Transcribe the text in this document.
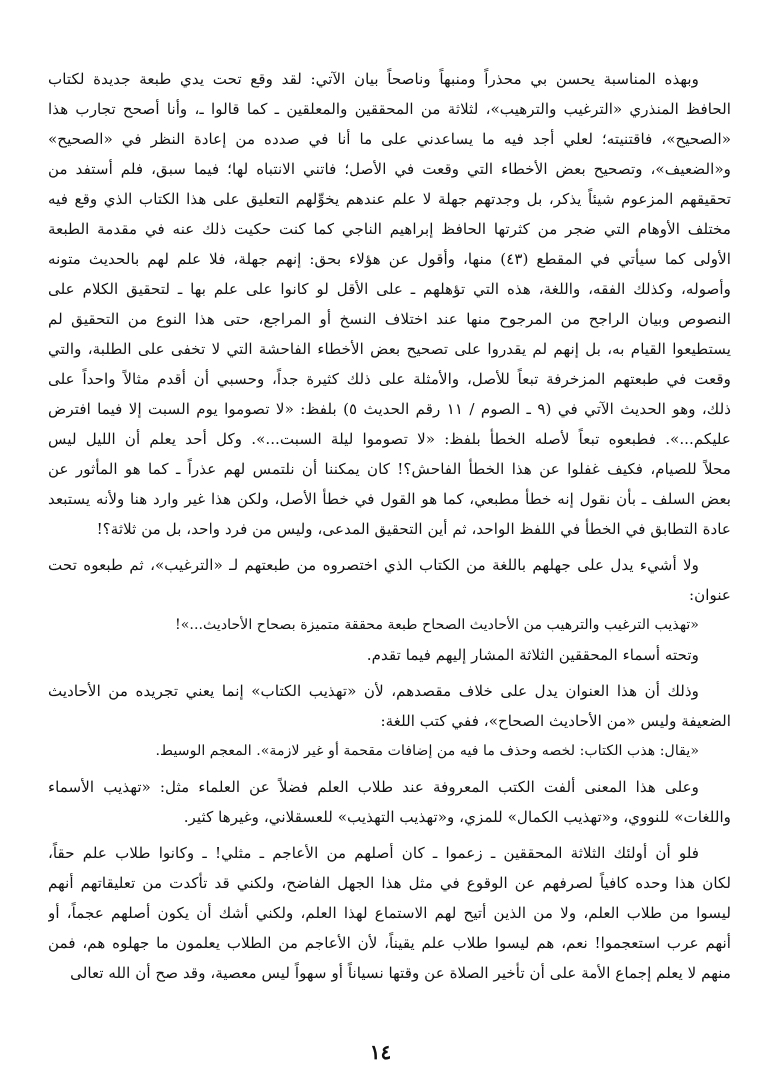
وبهذه المناسبة يحسن بي محذراً ومنبهاً وناصحاً بيان الآتي: لقد وقع تحت يدي طبعة جديدة لكتاب
الحافظ المنذري «الترغيب والترهيب»، لثلاثة من المحققين والمعلقين ـ كما قالوا ـ، وأنا أصحح تجارب هذا
«الصحيح»، فاقتنيته؛ لعلي أجد فيه ما يساعدني على ما أنا في صدده من إعادة النظر في «الصحيح»
و«الضعيف»، وتصحيح بعض الأخطاء التي وقعت في الأصل؛ فاتني الانتباه لها؛ فيما سبق، فلم أستفد من
تحقيقهم المزعوم شيئاً يذكر، بل وجدتهم جهلة لا علم عندهم يخوِّلهم التعليق على هذا الكتاب الذي وقع فيه
مختلف الأوهام التي ضجر من كثرتها الحافظ إبراهيم الناجي كما كنت حكيت ذلك عنه في مقدمة الطبعة
الأولى كما سيأتي في المقطع (٤٣) منها، وأقول عن هؤلاء بحق: إنهم جهلة، فلا علم لهم بالحديث متونه
وأصوله، وكذلك الفقه، واللغة، هذه التي تؤهلهم ـ على الأقل لو كانوا على علم بها ـ لتحقيق الكلام على
النصوص وبيان الراجح من المرجوح منها عند اختلاف النسخ أو المراجع، حتى هذا النوع من التحقيق لم
يستطيعوا القيام به، بل إنهم لم يقدروا على تصحيح بعض الأخطاء الفاحشة التي لا تخفى على الطلبة، والتي
وقعت في طبعتهم المزخرفة تبعاً للأصل، والأمثلة على ذلك كثيرة جداً، وحسبي أن أقدم مثالاً واحداً على
ذلك، وهو الحديث الآتي في (٩ ـ الصوم / ١١ رقم الحديث ٥) بلفظ: «لا تصوموا يوم السبت إلا فيما افترض
عليكم...». فطبعوه تبعاً لأصله الخطأ بلفظ: «لا تصوموا ليلة السبت...». وكل أحد يعلم أن الليل ليس
محلاً للصيام، فكيف غفلوا عن هذا الخطأ الفاحش؟! كان يمكننا أن نلتمس لهم عذراً ـ كما هو المأثور عن
بعض السلف ـ بأن نقول إنه خطأ مطبعي، كما هو القول في خطأ الأصل، ولكن هذا غير وارد هنا ولأنه يستبعد
عادة التطابق في الخطأ في اللفظ الواحد، ثم أين التحقيق المدعى، وليس من فرد واحد، بل من ثلاثة؟!
ولا أشيء يدل على جهلهم باللغة من الكتاب الذي اختصروه من طبعتهم لـ «الترغيب»، ثم طبعوه تحت
عنوان:
«تهذيب الترغيب والترهيب من الأحاديث الصحاح طبعة محققة متميزة بصحاح الأحاديث...»!
وتحته أسماء المحققين الثلاثة المشار إليهم فيما تقدم.
وذلك أن هذا العنوان يدل على خلاف مقصدهم، لأن «تهذيب الكتاب» إنما يعني تجريده من الأحاديث
الضعيفة وليس «من الأحاديث الصحاح»، ففي كتب اللغة:
«يقال: هذب الكتاب: لخصه وحذف ما فيه من إضافات مقحمة أو غير لازمة». المعجم الوسيط.
وعلى هذا المعنى ألفت الكتب المعروفة عند طلاب العلم فضلاً عن العلماء مثل: «تهذيب الأسماء
واللغات» للنووي، و«تهذيب الكمال» للمزي، و«تهذيب التهذيب» للعسقلاني، وغيرها كثير.
فلو أن أولئك الثلاثة المحققين ـ زعموا ـ كان أصلهم من الأعاجم ـ مثلي! ـ وكانوا طلاب علم حقاً،
لكان هذا وحده كافياً لصرفهم عن الوقوع في مثل هذا الجهل الفاضح، ولكني قد تأكدت من تعليقاتهم أنهم
ليسوا من طلاب العلم، ولا من الذين أتيح لهم الاستماع لهذا العلم، ولكني أشك أن يكون أصلهم عجماً، أو
أنهم عرب استعجموا! نعم، هم ليسوا طلاب علم يقيناً، لأن الأعاجم من الطلاب يعلمون ما جهلوه هم، فمن
منهم لا يعلم إجماع الأمة على أن تأخير الصلاة عن وقتها نسياناً أو سهواً ليس معصية، وقد صح أن الله تعالى
١٤
